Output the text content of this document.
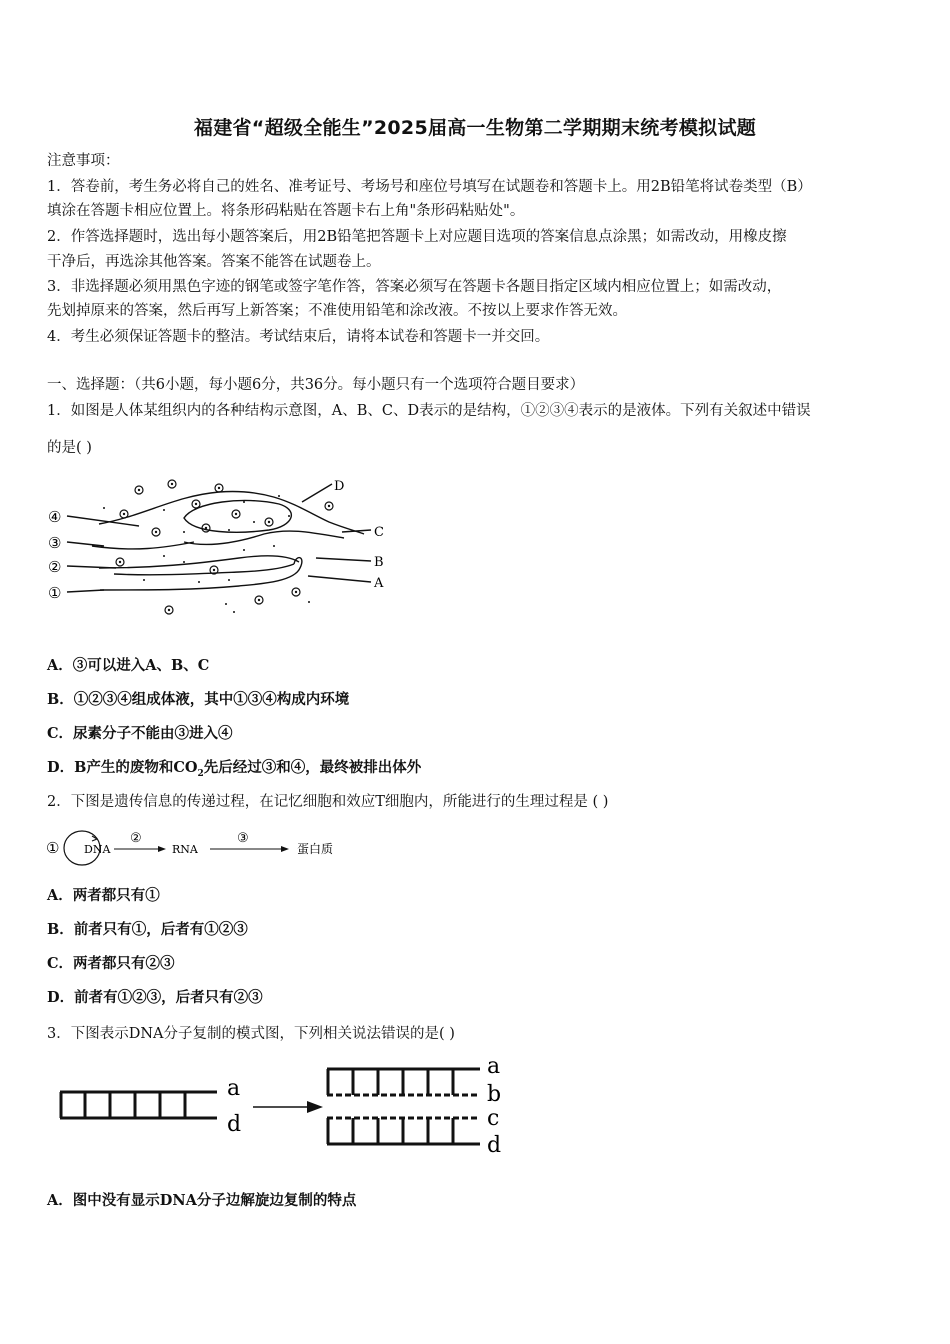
福建省“超级全能生”2025届高一生物第二学期期末统考模拟试题
注意事项：
1．答卷前，考生务必将自己的姓名、准考证号、考场号和座位号填写在试题卷和答题卡上。用2B铅笔将试卷类型（B）
填涂在答题卡相应位置上。将条形码粘贴在答题卡右上角"条形码粘贴处"。
2．作答选择题时，选出每小题答案后，用2B铅笔把答题卡上对应题目选项的答案信息点涂黑；如需改动，用橡皮擦
干净后，再选涂其他答案。答案不能答在试题卷上。
3．非选择题必须用黑色字迹的钢笔或签字笔作答，答案必须写在答题卡各题目指定区域内相应位置上；如需改动，
先划掉原来的答案，然后再写上新答案；不准使用铅笔和涂改液。不按以上要求作答无效。
4．考生必须保证答题卡的整洁。考试结束后，请将本试卷和答题卡一并交回。
一、选择题：（共6小题，每小题6分，共36分。每小题只有一个选项符合题目要求）
1．如图是人体某组织内的各种结构示意图，A、B、C、D表示的是结构，①②③④表示的是液体。下列有关叙述中错误
的是( )
④
③
②
①
D
C
B
A
A．③可以进入A、B、C
B．①②③④组成体液，其中①③④构成内环境
C．尿素分子不能由③进入④
D．B产生的废物和$CO_2$先后经过③和④，最终被排出体外
2．下图是遗传信息的传递过程，在记忆细胞和效应T细胞内，所能进行的生理过程是 ( )
① DNA
②
RNA
③
蛋白质
A．两者都只有①
B．前者只有①，后者有①②③
C．两者都只有②③
D．前者有①②③，后者只有②③
3．下图表示DNA分子复制的模式图，下列相关说法错误的是( )
a
d
a
b
c
d
A．图中没有显示DNA分子边解旋边复制的特点
